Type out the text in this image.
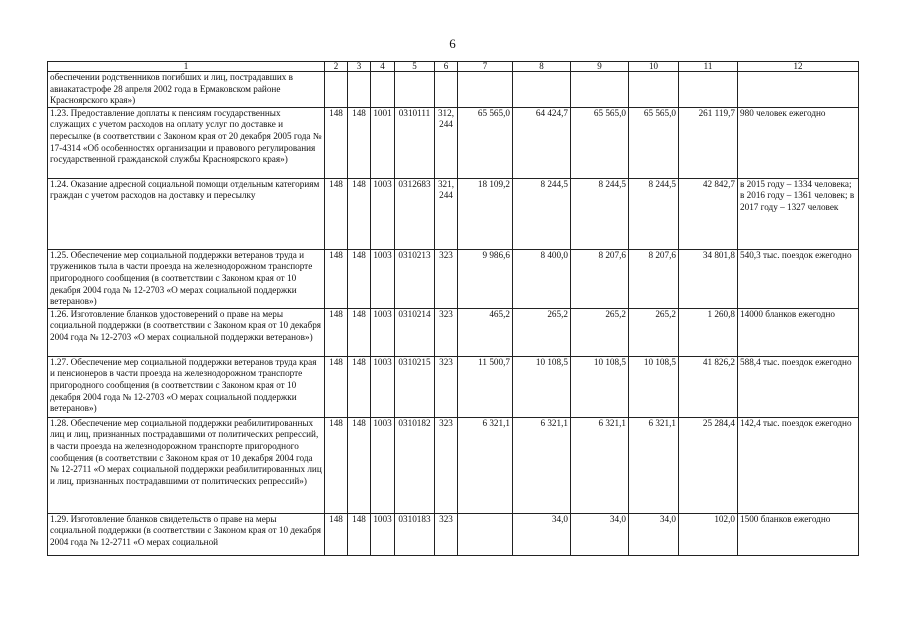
6
1	2	3	4	5	6	7	8	9	10	11	12
обеспечении родственников погибших и лиц, пострадавших в авиакатастрофе 28 апреля 2002 года в Ермаковском районе Красноярского края»)											
1.23. Предоставление доплаты к пенсиям государственных служащих с учетом расходов на оплату услуг по доставке и пересылке (в соответствии с Законом края от 20 декабря 2005 года № 17-4314 «Об особенностях организации и правового регулирования государственной гражданской службы Красноярского края»)	148	148	1001	0310111	312, 244	65 565,0	64 424,7	65 565,0	65 565,0	261 119,7	980 человек ежегодно
1.24. Оказание адресной социальной помощи отдельным категориям граждан с учетом расходов на доставку и пересылку	148	148	1003	0312683	321, 244	18 109,2	8 244,5	8 244,5	8 244,5	42 842,7	в 2015 году – 1334 человека; в 2016 году – 1361 человек; в 2017 году – 1327 человек
1.25. Обеспечение мер социальной поддержки ветеранов труда и тружеников тыла в части проезда на железнодорожном транспорте пригородного сообщения (в соответствии с Законом края от 10 декабря 2004 года № 12-2703 «О мерах социальной поддержки ветеранов»)	148	148	1003	0310213	323	9 986,6	8 400,0	8 207,6	8 207,6	34 801,8	540,3 тыс. поездок ежегодно
1.26. Изготовление бланков удостоверений о праве на меры социальной поддержки (в соответствии с Законом края от 10 декабря 2004 года № 12-2703 «О мерах социальной поддержки ветеранов»)	148	148	1003	0310214	323	465,2	265,2	265,2	265,2	1 260,8	14000 бланков ежегодно
1.27. Обеспечение мер социальной поддержки ветеранов труда края и пенсионеров в части проезда на железнодорожном транспорте пригородного сообщения (в соответствии с Законом края от 10 декабря 2004 года № 12-2703 «О мерах социальной поддержки ветеранов»)	148	148	1003	0310215	323	11 500,7	10 108,5	10 108,5	10 108,5	41 826,2	588,4 тыс. поездок ежегодно
1.28. Обеспечение мер социальной поддержки реабилитированных лиц и лиц, признанных пострадавшими от политических репрессий, в части проезда на железнодорожном транспорте пригородного сообщения (в соответствии с Законом края от 10 декабря 2004 года № 12-2711 «О мерах социальной поддержки реабилитированных лиц и лиц, признанных пострадавшими от политических репрессий»)	148	148	1003	0310182	323	6 321,1	6 321,1	6 321,1	6 321,1	25 284,4	142,4 тыс. поездок ежегодно
1.29. Изготовление бланков свидетельств о праве на меры социальной поддержки (в соответствии с Законом края от 10 декабря 2004 года № 12-2711 «О мерах социальной	148	148	1003	0310183	323		34,0	34,0	34,0	102,0	1500 бланков ежегодно
